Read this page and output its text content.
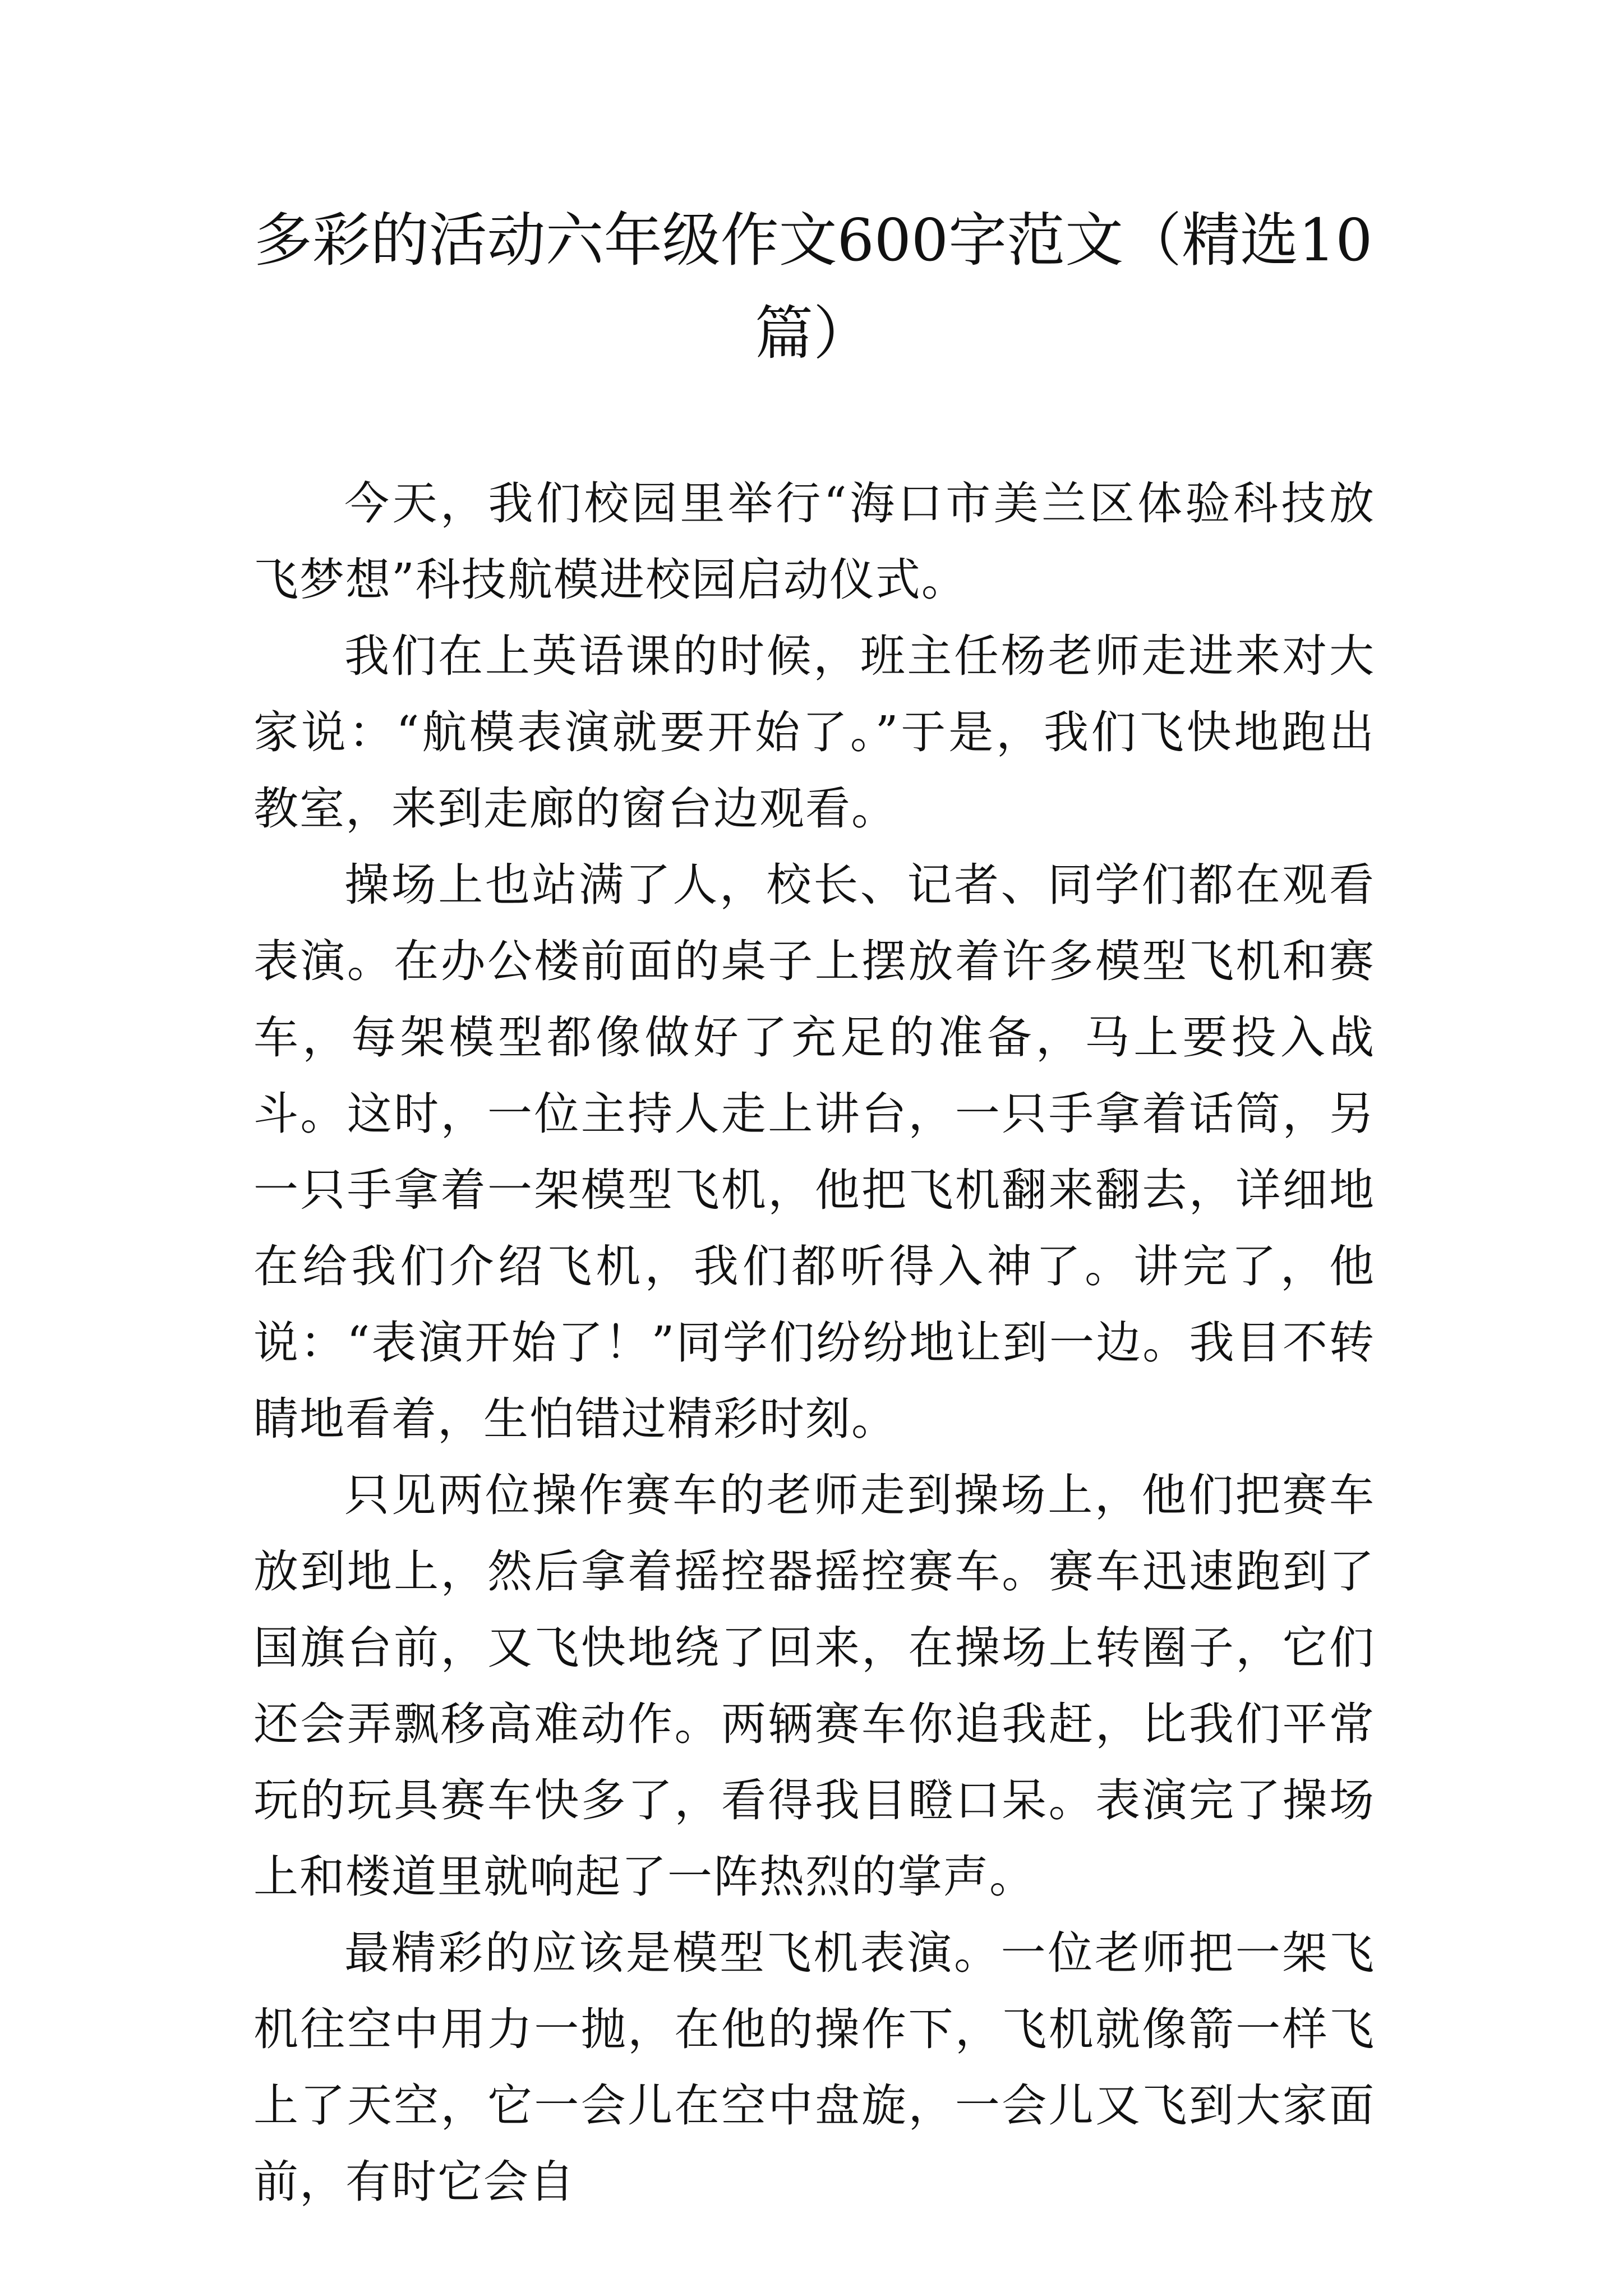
多彩的活动六年级作文600字范文（精选10篇）

今天，我们校园里举行“海口市美兰区体验科技放飞梦想”科技航模进校园启动仪式。

我们在上英语课的时候，班主任杨老师走进来对大家说：“航模表演就要开始了。”于是，我们飞快地跑出教室，来到走廊的窗台边观看。

操场上也站满了人，校长、记者、同学们都在观看表演。在办公楼前面的桌子上摆放着许多模型飞机和赛车，每架模型都像做好了充足的准备，马上要投入战斗。这时，一位主持人走上讲台，一只手拿着话筒，另一只手拿着一架模型飞机，他把飞机翻来翻去，详细地在给我们介绍飞机，我们都听得入神了。讲完了，他说：“表演开始了！”同学们纷纷地让到一边。我目不转睛地看着，生怕错过精彩时刻。

只见两位操作赛车的老师走到操场上，他们把赛车放到地上，然后拿着摇控器摇控赛车。赛车迅速跑到了国旗台前，又飞快地绕了回来，在操场上转圈子，它们还会弄飘移高难动作。两辆赛车你追我赶，比我们平常玩的玩具赛车快多了，看得我目瞪口呆。表演完了操场上和楼道里就响起了一阵热烈的掌声。

最精彩的应该是模型飞机表演。一位老师把一架飞机往空中用力一抛，在他的操作下，飞机就像箭一样飞上了天空，它一会儿在空中盘旋，一会儿又飞到大家面前，有时它会自
